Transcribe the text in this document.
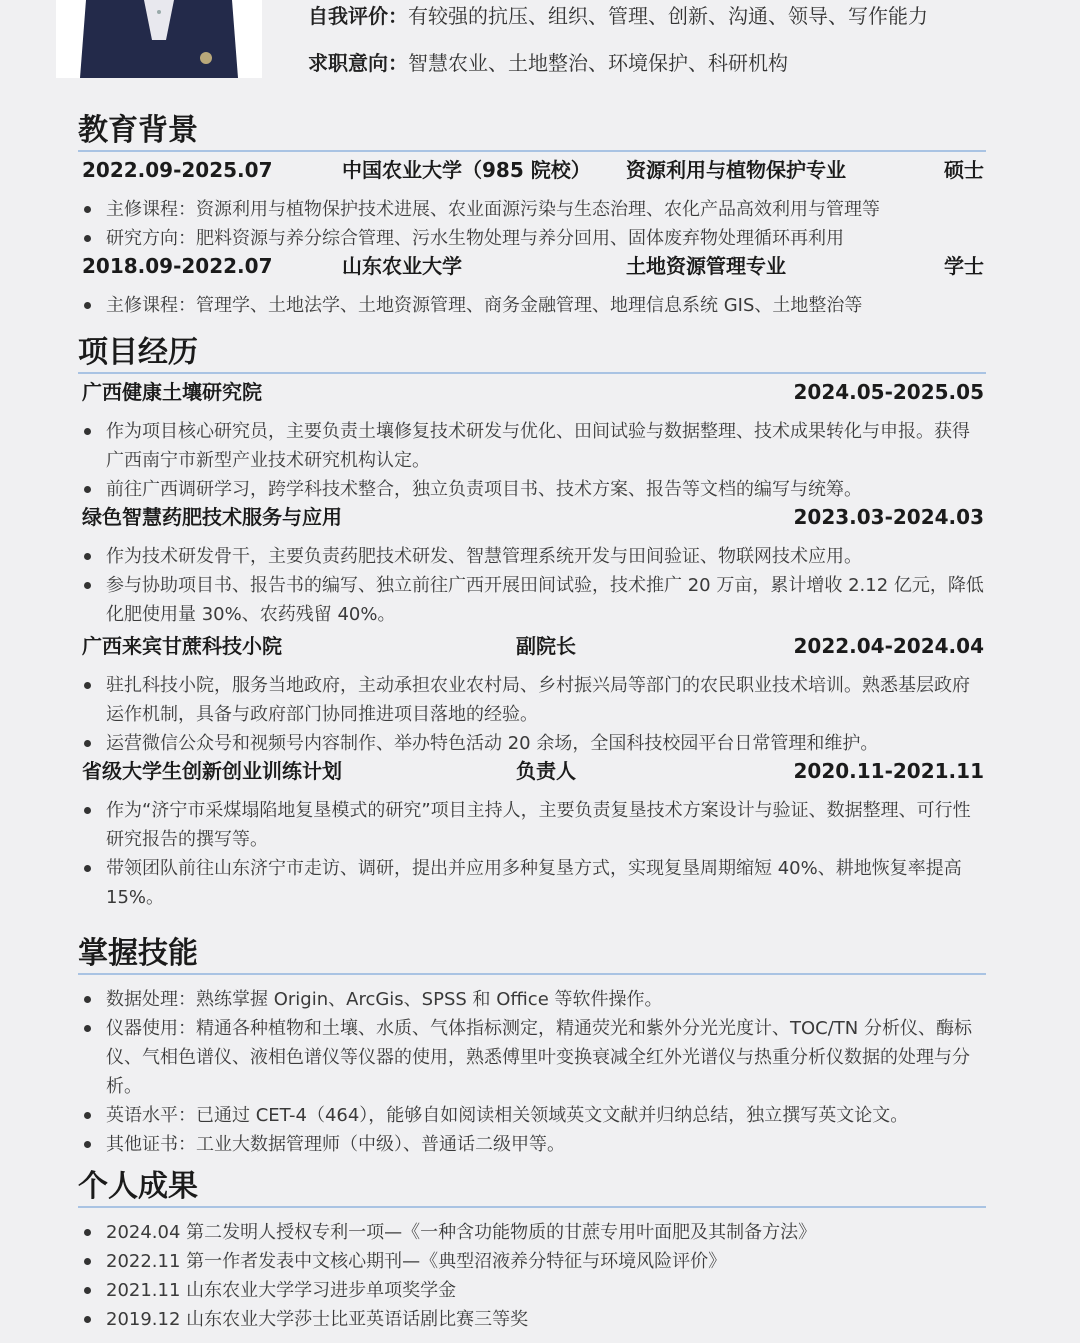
自我评价：有较强的抗压、组织、管理、创新、沟通、领导、写作能力
求职意向：智慧农业、土地整治、环境保护、科研机构
教育背景
2022.09-2025.07	中国农业大学（985 院校） 资源利用与植物保护专业	硕士
主修课程：资源利用与植物保护技术进展、农业面源污染与生态治理、农化产品高效利用与管理等
研究方向：肥料资源与养分综合管理、污水生物处理与养分回用、固体废弃物处理循环再利用
2018.09-2022.07	山东农业大学	土地资源管理专业	学士
主修课程：管理学、土地法学、土地资源管理、商务金融管理、地理信息系统 GIS、土地整治等
项目经历
广西健康土壤研究院	2024.05-2025.05
作为项目核心研究员，主要负责土壤修复技术研发与优化、田间试验与数据整理、技术成果转化与申报。获得广西南宁市新型产业技术研究机构认定。
前往广西调研学习，跨学科技术整合，独立负责项目书、技术方案、报告等文档的编写与统筹。
绿色智慧药肥技术服务与应用	2023.03-2024.03
作为技术研发骨干，主要负责药肥技术研发、智慧管理系统开发与田间验证、物联网技术应用。
参与协助项目书、报告书的编写、独立前往广西开展田间试验，技术推广 20 万亩，累计增收 2.12 亿元，降低化肥使用量 30%、农药残留 40%。
广西来宾甘蔗科技小院	副院长	2022.04-2024.04
驻扎科技小院，服务当地政府，主动承担农业农村局、乡村振兴局等部门的农民职业技术培训。熟悉基层政府运作机制，具备与政府部门协同推进项目落地的经验。
运营微信公众号和视频号内容制作、举办特色活动 20 余场，全国科技校园平台日常管理和维护。
省级大学生创新创业训练计划	负责人	2020.11-2021.11
作为“济宁市采煤塌陷地复垦模式的研究”项目主持人，主要负责复垦技术方案设计与验证、数据整理、可行性研究报告的撰写等。
带领团队前往山东济宁市走访、调研，提出并应用多种复垦方式，实现复垦周期缩短 40%、耕地恢复率提高 15%。
掌握技能
数据处理：熟练掌握 Origin、ArcGis、SPSS 和 Office 等软件操作。
仪器使用：精通各种植物和土壤、水质、气体指标测定，精通荧光和紫外分光光度计、TOC/TN 分析仪、酶标仪、气相色谱仪、液相色谱仪等仪器的使用，熟悉傅里叶变换衰减全红外光谱仪与热重分析仪数据的处理与分析。
英语水平：已通过 CET-4（464），能够自如阅读相关领域英文文献并归纳总结，独立撰写英文论文。
其他证书：工业大数据管理师（中级）、普通话二级甲等。
个人成果
2024.04 第二发明人授权专利一项—《一种含功能物质的甘蔗专用叶面肥及其制备方法》
2022.11 第一作者发表中文核心期刊—《典型沼液养分特征与环境风险评价》
2021.11 山东农业大学学习进步单项奖学金
2019.12 山东农业大学莎士比亚英语话剧比赛三等奖
